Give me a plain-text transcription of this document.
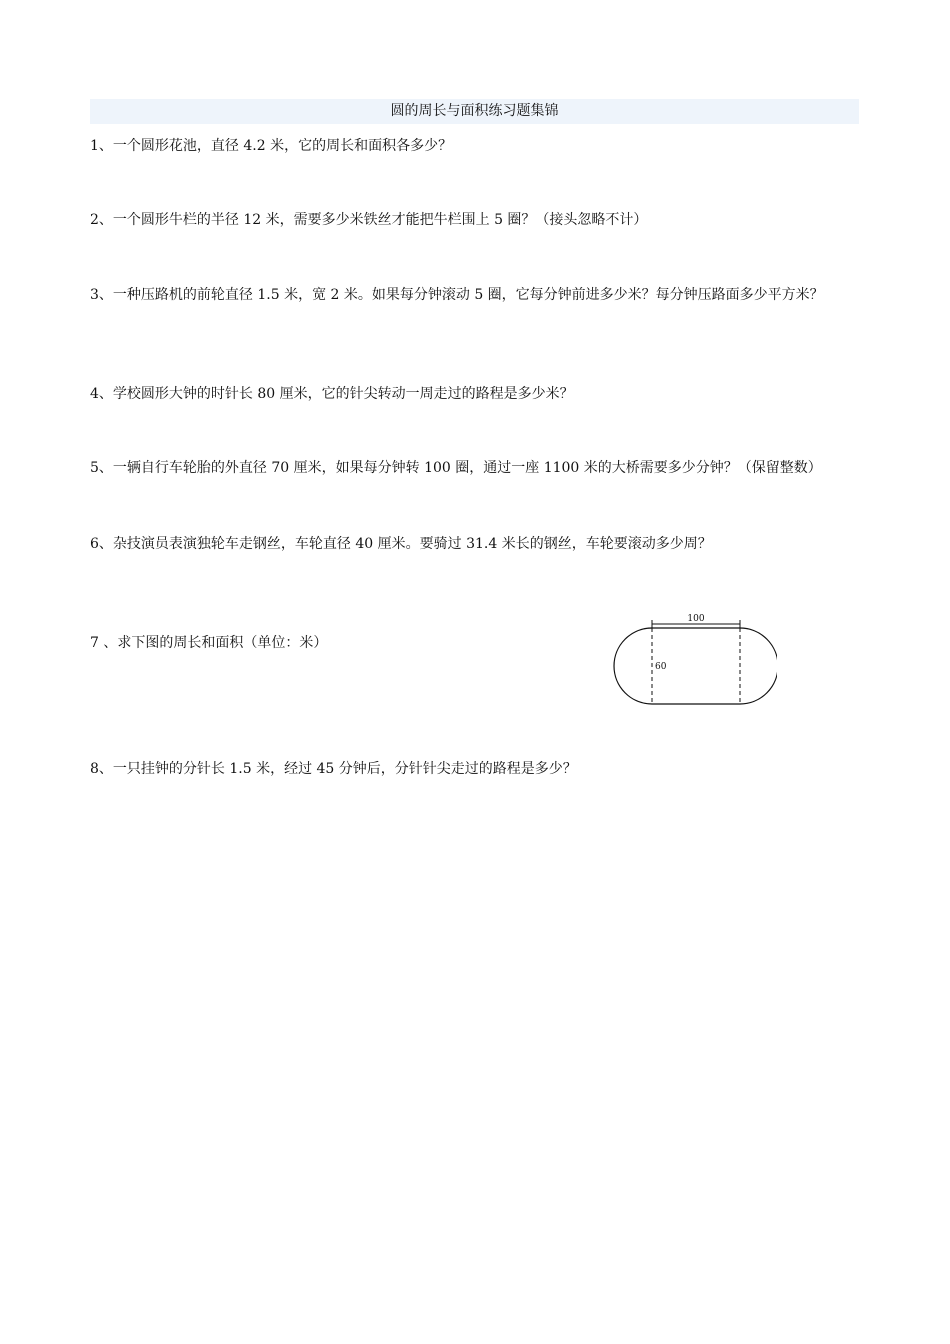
圆的周长与面积练习题集锦

1、一个圆形花池，直径 4.2 米，它的周长和面积各多少？

2、一个圆形牛栏的半径 12 米，需要多少米铁丝才能把牛栏围上 5 圈？（接头忽略不计）

3、一种压路机的前轮直径 1.5 米，宽 2 米。如果每分钟滚动 5 圈，它每分钟前进多少米？每分钟压路面多少平方米？

4、学校圆形大钟的时针长 80 厘米，它的针尖转动一周走过的路程是多少米？

5、一辆自行车轮胎的外直径 70 厘米，如果每分钟转 100 圈，通过一座 1100 米的大桥需要多少分钟？（保留整数）

6、杂技演员表演独轮车走钢丝，车轮直径 40 厘米。要骑过 31.4 米长的钢丝，车轮要滚动多少周？

7 、求下图的周长和面积（单位：米）

8、一只挂钟的分针长 1.5 米，经过 45 分钟后，分针针尖走过的路程是多少？

100
60
